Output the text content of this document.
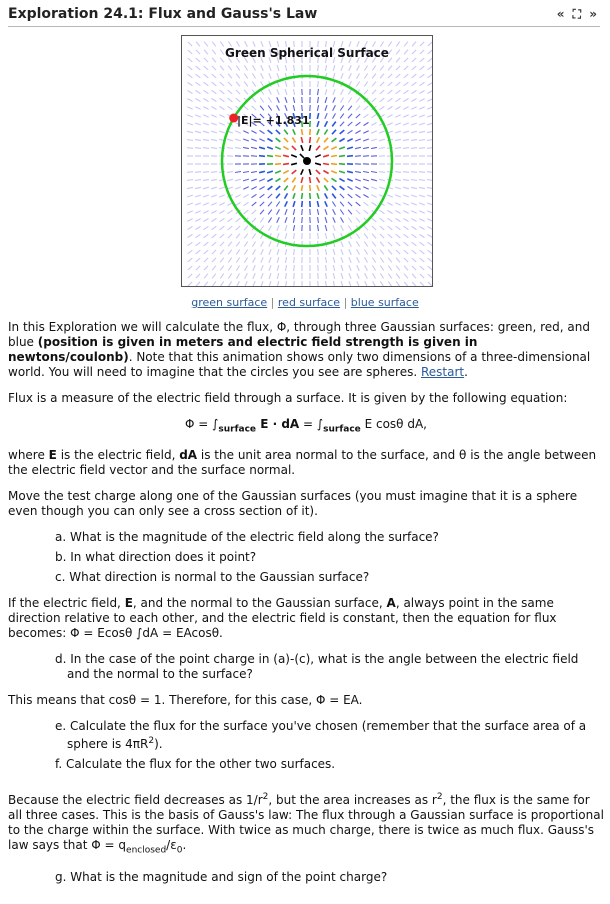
Exploration 24.1: Flux and Gauss's Law	« ⛶ »
Green Spherical Surface
|E|= +1.831
green surface | red surface | blue surface

In this Exploration we will calculate the flux, Φ, through three Gaussian surfaces: green, red, and blue (position is given in meters and electric field strength is given in newtons/coulonb). Note that this animation shows only two dimensions of a three-dimensional world. You will need to imagine that the circles you see are spheres. Restart.

Flux is a measure of the electric field through a surface. It is given by the following equation:

$\Phi = \int_{surface}$ E · dA = $\int_{surface}$ E cosθ dA,

where E is the electric field, dA is the unit area normal to the surface, and θ is the angle between the electric field vector and the surface normal.

Move the test charge along one of the Gaussian surfaces (you must imagine that it is a sphere even though you can only see a cross section of it).

a. What is the magnitude of the electric field along the surface?
b. In what direction does it point?
c. What direction is normal to the Gaussian surface?

If the electric field, E, and the normal to the Gaussian surface, A, always point in the same direction relative to each other, and the electric field is constant, then the equation for flux becomes: Φ = Ecosθ ∫dA = EAcosθ.

d. In the case of the point charge in (a)-(c), what is the angle between the electric field and the normal to the surface?

This means that cosθ = 1. Therefore, for this case, Φ = EA.

e. Calculate the flux for the surface you've chosen (remember that the surface area of a sphere is $4\pi R^2$).
f. Calculate the flux for the other two surfaces.

Because the electric field decreases as $1/r^2$, but the area increases as $r^2$, the flux is the same for all three cases. This is the basis of Gauss's law: The flux through a Gaussian surface is proportional to the charge within the surface. With twice as much charge, there is twice as much flux. Gauss's law says that $\Phi = q_{enclosed}/\varepsilon_0$.

g. What is the magnitude and sign of the point charge?
